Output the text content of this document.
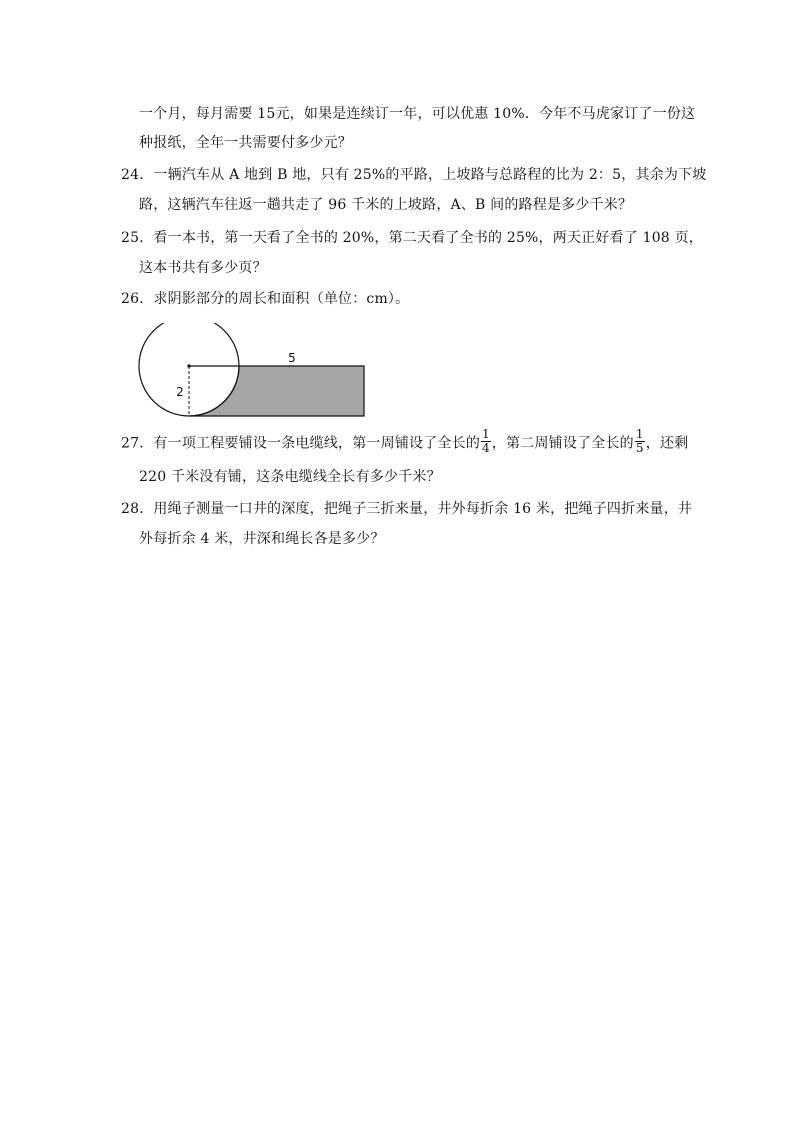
一个月，每月需要 15元，如果是连续订一年，可以优惠 10%．今年不马虎家订了一份这
种报纸，全年一共需要付多少元？
24．一辆汽车从 A 地到 B 地，只有 25%的平路，上坡路与总路程的比为 2：5，其余为下坡
路，这辆汽车往返一趟共走了 96 千米的上坡路，A、B 间的路程是多少千米？
25．看一本书，第一天看了全书的 20%，第二天看了全书的 25%，两天正好看了 108 页，
这本书共有多少页？
26．求阴影部分的周长和面积（单位：cm）。
5
2
27．有一项工程要铺设一条电缆线，第一周铺设了全长的 $\frac{1}{4}$ ，第二周铺设了全长的 $\frac{1}{5}$ ，还剩
220 千米没有铺，这条电缆线全长有多少千米？
28．用绳子测量一口井的深度，把绳子三折来量，井外每折余 16 米，把绳子四折来量，井
外每折余 4 米，井深和绳长各是多少？
